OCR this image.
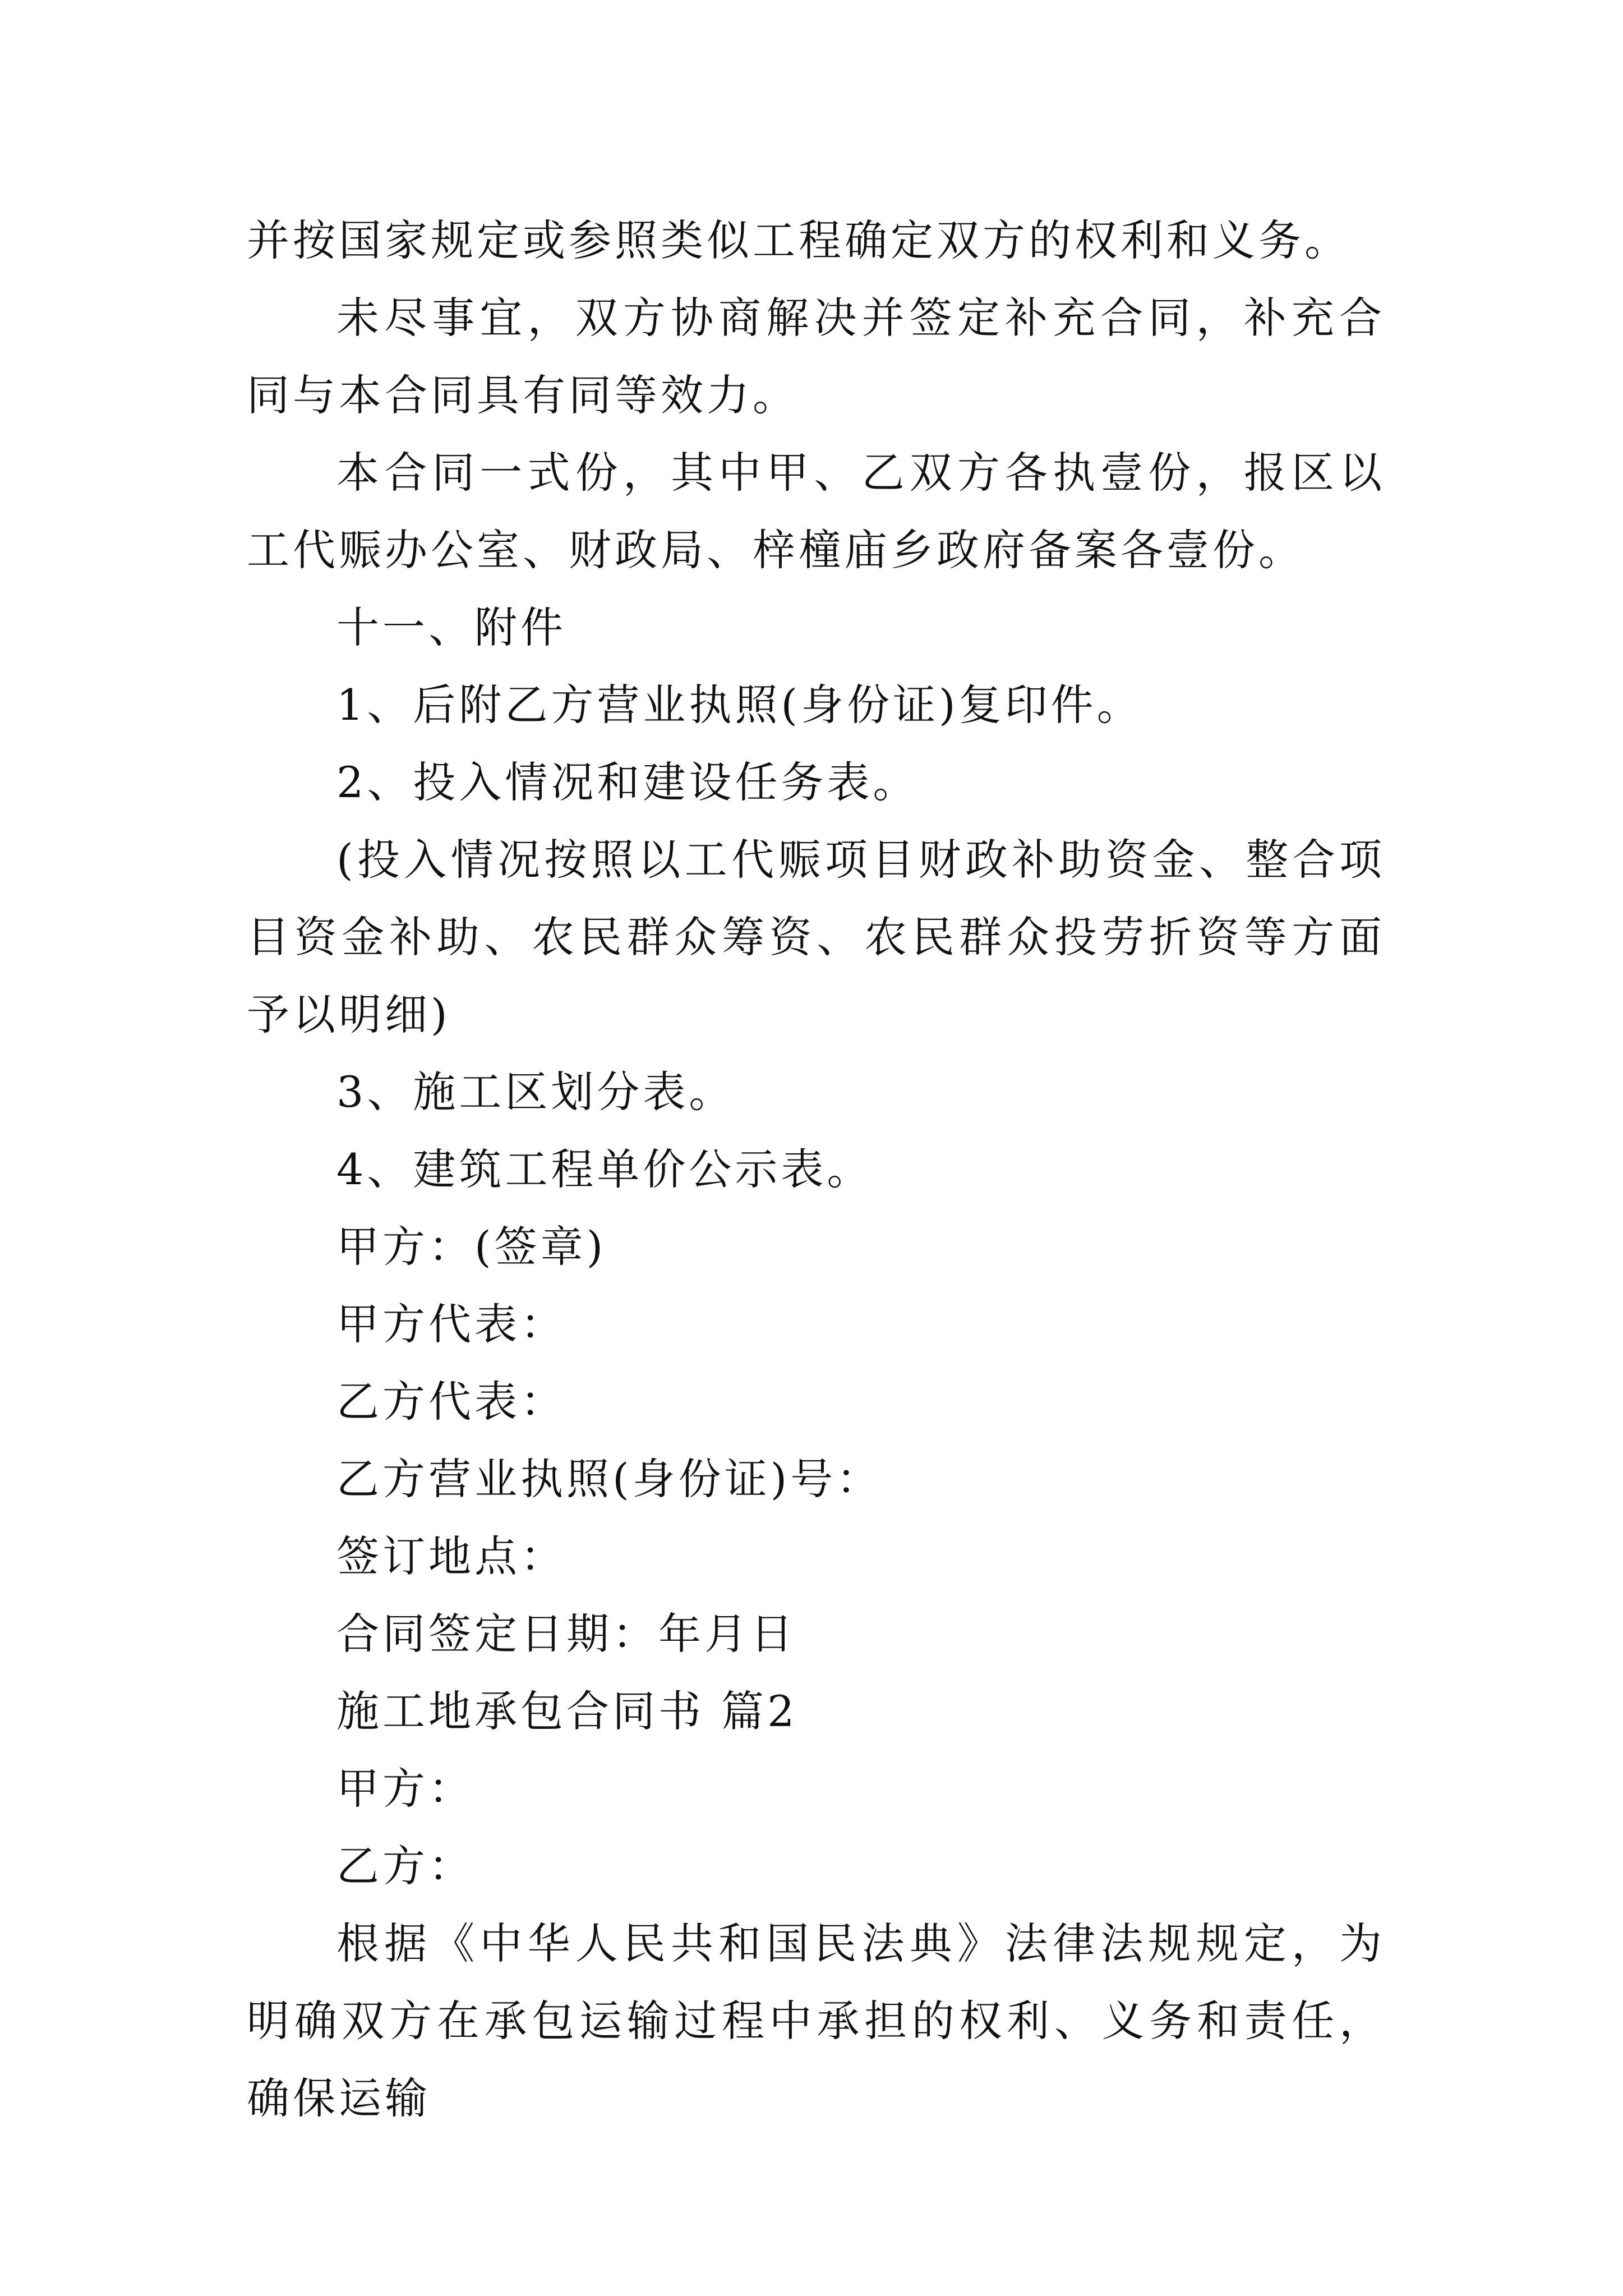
并按国家规定或参照类似工程确定双方的权利和义务。

未尽事宜，双方协商解决并签定补充合同，补充合同与本合同具有同等效力。

本合同一式份，其中甲、乙双方各执壹份，报区以工代赈办公室、财政局、梓橦庙乡政府备案各壹份。

十一、附件

1、后附乙方营业执照(身份证)复印件。

2、投入情况和建设任务表。

(投入情况按照以工代赈项目财政补助资金、整合项目资金补助、农民群众筹资、农民群众投劳折资等方面予以明细)

3、施工区划分表。

4、建筑工程单价公示表。

甲方：(签章)

甲方代表：

乙方代表：

乙方营业执照(身份证)号：

签订地点：

合同签定日期：年月日

施工地承包合同书 篇2

甲方：

乙方：

根据《中华人民共和国民法典》法律法规规定，为明确双方在承包运输过程中承担的权利、义务和责任，确保运输
